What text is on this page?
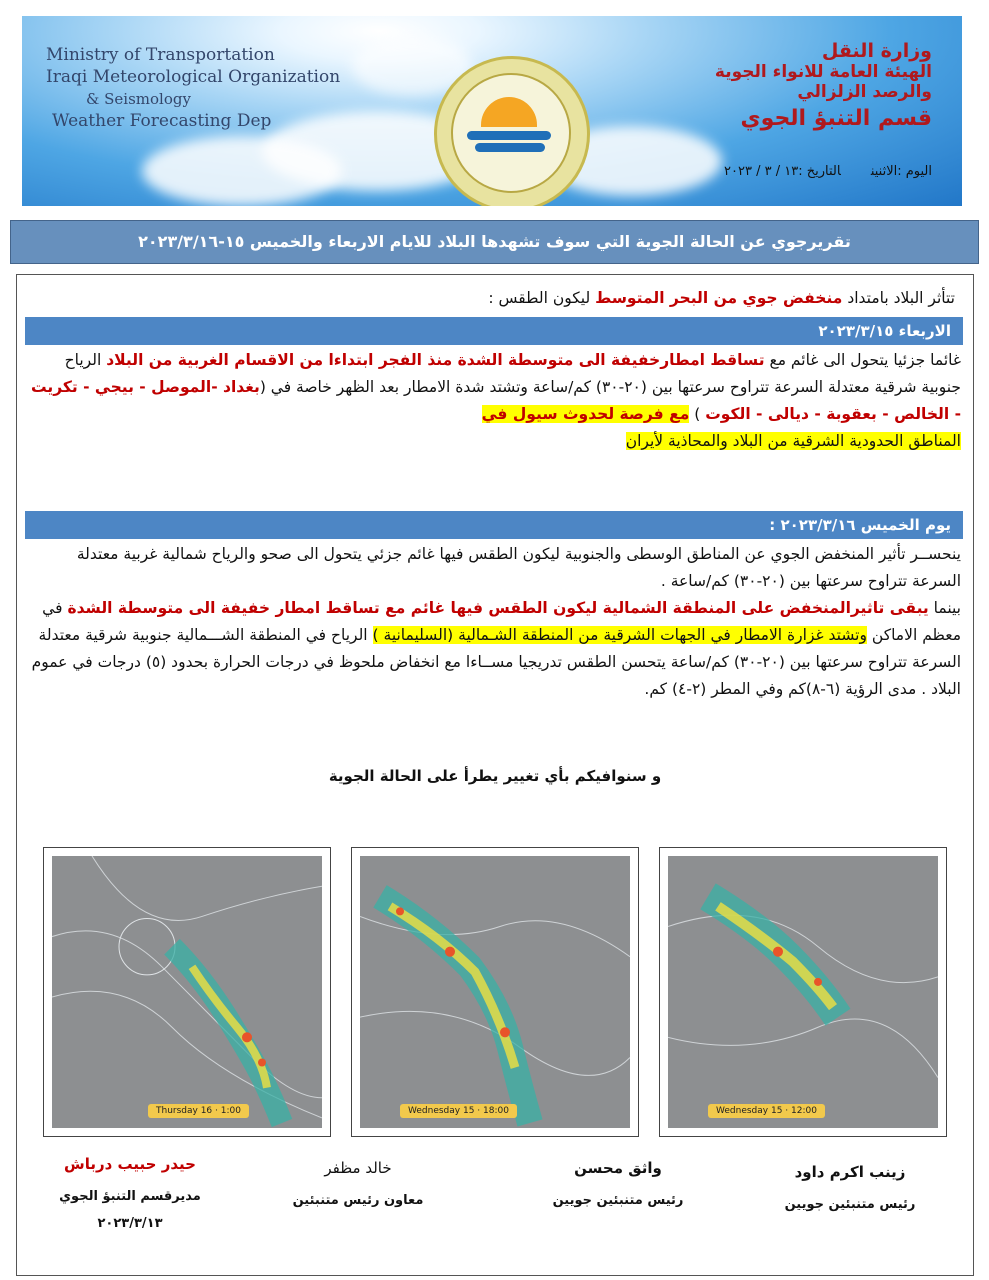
Ministry of Transportation
Iraqi Meteorological Organization
& Seismology
Weather Forecasting Dep
وزارة النقل
الهيئة العامة للانواء الجوية
والرصد الزلزالي
قسم التنبؤ الجوي
اليوم :الاثنينالتاريخ :١٣ / ٣ / ٢٠٢٣
تقريرجوي عن الحالة الجوية التي سوف تشهدها البلاد للايام الاربعاء والخميس ١٥-٢٠٢٣/٣/١٦
تتأثر البلاد بامتداد منخفض جوي من البحر المتوسط ليكون الطقس :
الاربعاء ٢٠٢٣/٣/١٥
غائما جزئيا يتحول الى غائم مع تساقط امطارخفيفة الى متوسطة الشدة منذ الفجر ابتداءا من الاقسام الغربية من البلاد الرياح جنوبية شرقية معتدلة السرعة تتراوح سرعتها بين (٢٠-٣٠) كم/ساعة وتشتد شدة الامطار بعد الظهر خاصة في (بغداد -الموصل - بيجي - تكريت - الخالص - بعقوبة - ديالى - الكوت ) مع فرصة لحدوث سيول في
المناطق الحدودية الشرقية من البلاد والمحاذية لأيران
يوم الخميس ٢٠٢٣/٣/١٦ :
ينحســر تأثير المنخفض الجوي عن المناطق الوسطى والجنوبية ليكون الطقس فيها غائم جزئي يتحول الى صحو والرياح شمالية غربية معتدلة السرعة تتراوح سرعتها بين (٢٠-٣٠) كم/ساعة .
بينما يبقى تاثيرالمنخفض على المنطقة الشمالية ليكون الطقس فيها غائم مع تساقط امطار خفيفة الى متوسطة الشدة في معظم الاماكن وتشتد غزارة الامطار في الجهات الشرقية من المنطقة الشـمالية (السليمانية ) الرياح في المنطقة الشـــمالية جنوبية شرقية معتدلة السرعة تتراوح سرعتها بين (٢٠-٣٠) كم/ساعة يتحسن الطقس تدريجيا مســاءا مع انخفاض ملحوظ في درجات الحرارة بحدود (٥) درجات في عموم البلاد . مدى الرؤية (٦-٨)كم وفي المطر (٢-٤) كم.
و سنوافيكم بأي تغيير يطرأ على الحالة الجوية
Thursday 16 · 1:00	Wednesday 15 · 18:00	Wednesday 15 · 12:00
حيدر حبيب درباش
مديرقسم التنبؤ الجوي
٢٠٢٣/٣/١٣
خالد مظفر
معاون رئيس متنبئين
واثق محسن
رئيس متنبئين جويين
زينب اكرم داود
رئيس متنبئين جويين
